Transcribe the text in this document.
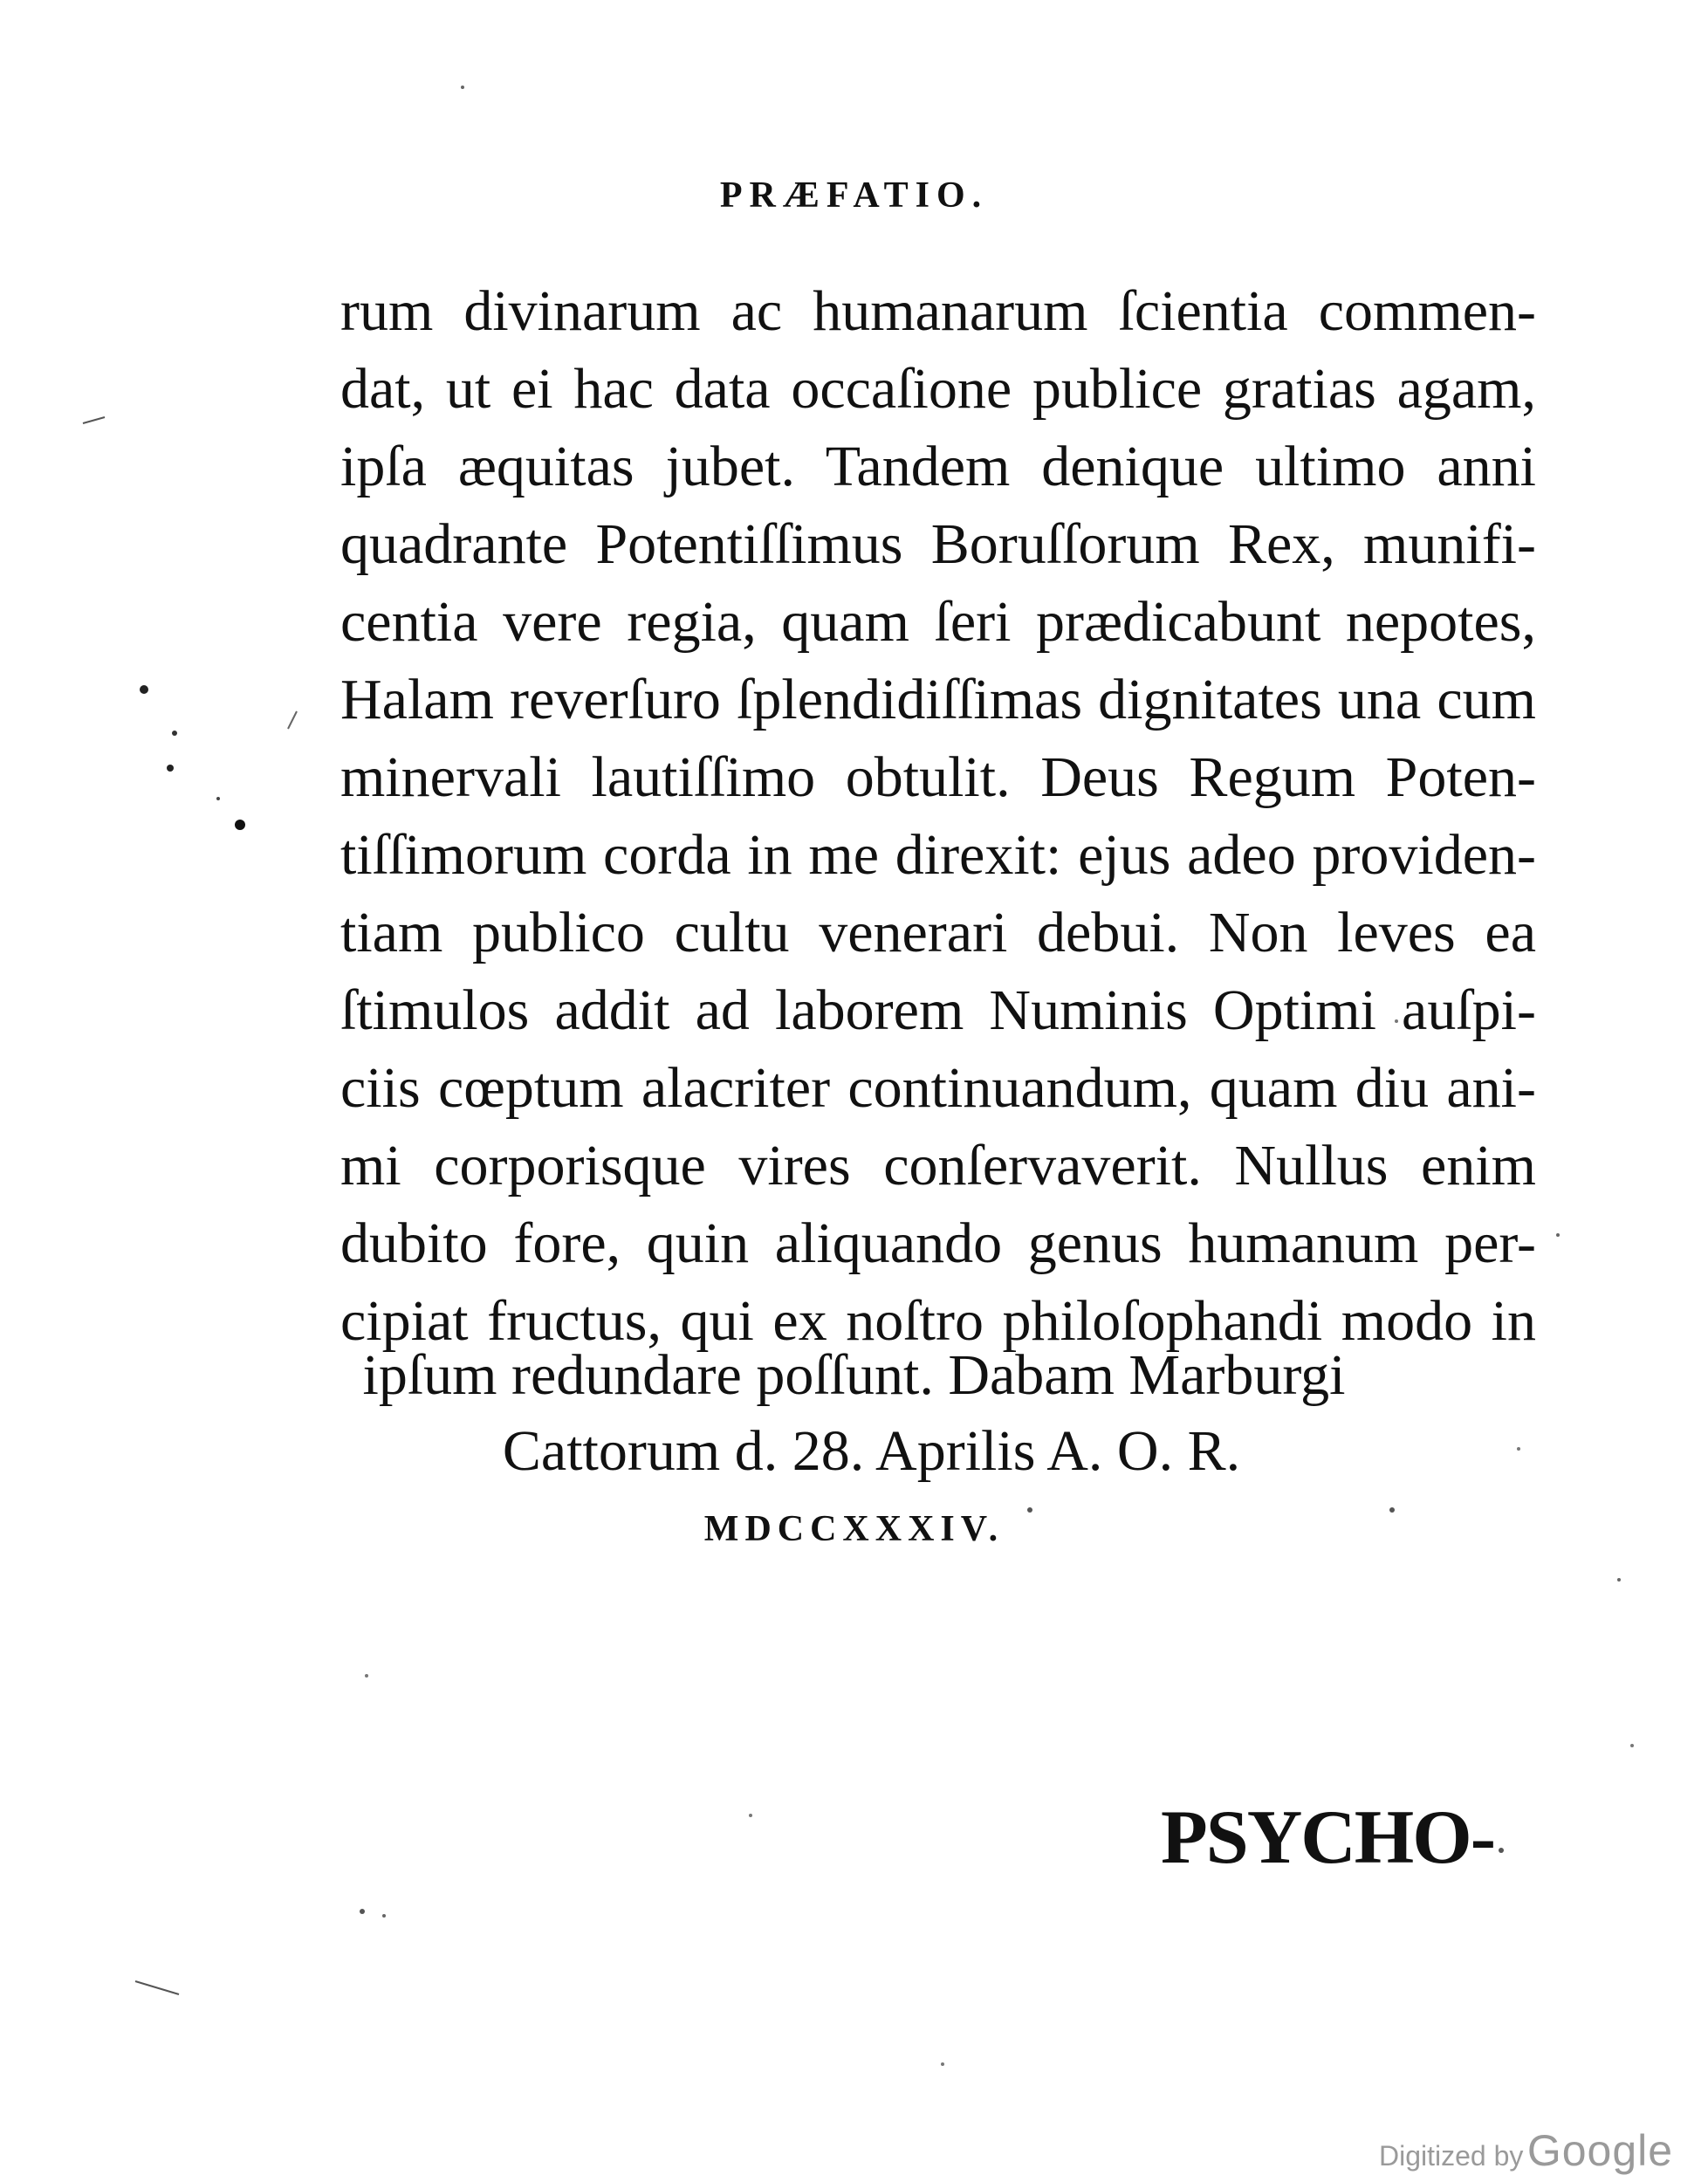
PRÆFATIO.
rum divinarum ac humanarum ſcientia commen-
dat, ut ei hac data occaſione publice gratias agam,
ipſa æquitas jubet. Tandem denique ultimo anni
quadrante Potentiſſimus Boruſſorum Rex, munifi-
centia vere regia, quam ſeri prædicabunt nepotes,
Halam reverſuro ſplendidiſſimas dignitates una cum
minervali lautiſſimo obtulit. Deus Regum Poten-
tiſſimorum corda in me direxit: ejus adeo providen-
tiam publico cultu venerari debui. Non leves ea
ſtimulos addit ad laborem Numinis Optimi auſpi-
ciis cœptum alacriter continuandum, quam diu ani-
mi corporisque vires conſervaverit. Nullus enim
dubito fore, quin aliquando genus humanum per-
cipiat fructus, qui ex noſtro philoſophandi modo in
ipſum redundare poſſunt. Dabam Marburgi
Cattorum d. 28. Aprilis A. O. R.
MDCCXXXIV.
PSYCHO-
Digitized by Google
